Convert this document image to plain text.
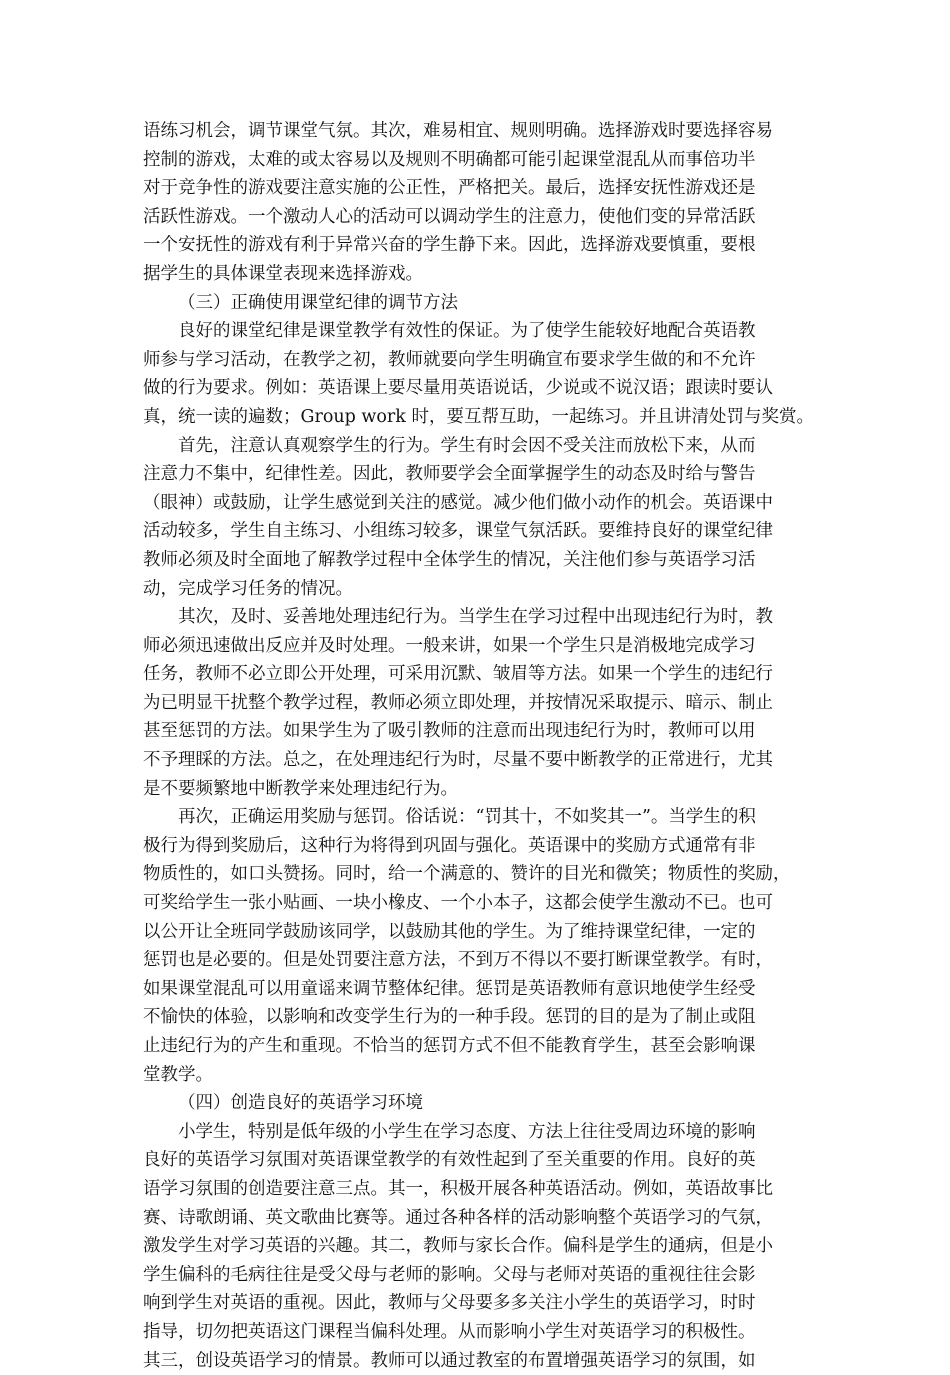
语练习机会，调节课堂气氛。其次，难易相宜、规则明确。选择游戏时要选择容易
控制的游戏，太难的或太容易以及规则不明确都可能引起课堂混乱从而事倍功半
对于竞争性的游戏要注意实施的公正性，严格把关。最后，选择安抚性游戏还是
活跃性游戏。一个激动人心的活动可以调动学生的注意力，使他们变的异常活跃
一个安抚性的游戏有利于异常兴奋的学生静下来。因此，选择游戏要慎重，要根
据学生的具体课堂表现来选择游戏。
（三）正确使用课堂纪律的调节方法
良好的课堂纪律是课堂教学有效性的保证。为了使学生能较好地配合英语教
师参与学习活动，在教学之初，教师就要向学生明确宣布要求学生做的和不允许
做的行为要求。例如：英语课上要尽量用英语说话，少说或不说汉语；跟读时要认
真，统一读的遍数；Group work 时，要互帮互助，一起练习。并且讲清处罚与奖赏。
首先，注意认真观察学生的行为。学生有时会因不受关注而放松下来，从而
注意力不集中，纪律性差。因此，教师要学会全面掌握学生的动态及时给与警告
（眼神）或鼓励，让学生感觉到关注的感觉。减少他们做小动作的机会。英语课中
活动较多，学生自主练习、小组练习较多，课堂气氛活跃。要维持良好的课堂纪律
教师必须及时全面地了解教学过程中全体学生的情况，关注他们参与英语学习活
动，完成学习任务的情况。
其次，及时、妥善地处理违纪行为。当学生在学习过程中出现违纪行为时，教
师必须迅速做出反应并及时处理。一般来讲，如果一个学生只是消极地完成学习
任务，教师不必立即公开处理，可采用沉默、皱眉等方法。如果一个学生的违纪行
为已明显干扰整个教学过程，教师必须立即处理，并按情况采取提示、暗示、制止
甚至惩罚的方法。如果学生为了吸引教师的注意而出现违纪行为时，教师可以用
不予理睬的方法。总之，在处理违纪行为时，尽量不要中断教学的正常进行，尤其
是不要频繁地中断教学来处理违纪行为。
再次，正确运用奖励与惩罚。俗话说：“罚其十，不如奖其一”。当学生的积
极行为得到奖励后，这种行为将得到巩固与强化。英语课中的奖励方式通常有非
物质性的，如口头赞扬。同时，给一个满意的、赞许的目光和微笑；物质性的奖励，
可奖给学生一张小贴画、一块小橡皮、一个小本子，这都会使学生激动不已。也可
以公开让全班同学鼓励该同学，以鼓励其他的学生。为了维持课堂纪律，一定的
惩罚也是必要的。但是处罚要注意方法，不到万不得以不要打断课堂教学。有时，
如果课堂混乱可以用童谣来调节整体纪律。惩罚是英语教师有意识地使学生经受
不愉快的体验，以影响和改变学生行为的一种手段。惩罚的目的是为了制止或阻
止违纪行为的产生和重现。不恰当的惩罚方式不但不能教育学生，甚至会影响课
堂教学。
（四）创造良好的英语学习环境
小学生，特别是低年级的小学生在学习态度、方法上往往受周边环境的影响
良好的英语学习氛围对英语课堂教学的有效性起到了至关重要的作用。良好的英
语学习氛围的创造要注意三点。其一，积极开展各种英语活动。例如，英语故事比
赛、诗歌朗诵、英文歌曲比赛等。通过各种各样的活动影响整个英语学习的气氛，
激发学生对学习英语的兴趣。其二，教师与家长合作。偏科是学生的通病，但是小
学生偏科的毛病往往是受父母与老师的影响。父母与老师对英语的重视往往会影
响到学生对英语的重视。因此，教师与父母要多多关注小学生的英语学习，时时
指导，切勿把英语这门课程当偏科处理。从而影响小学生对英语学习的积极性。
其三，创设英语学习的情景。教师可以通过教室的布置增强英语学习的氛围，如
